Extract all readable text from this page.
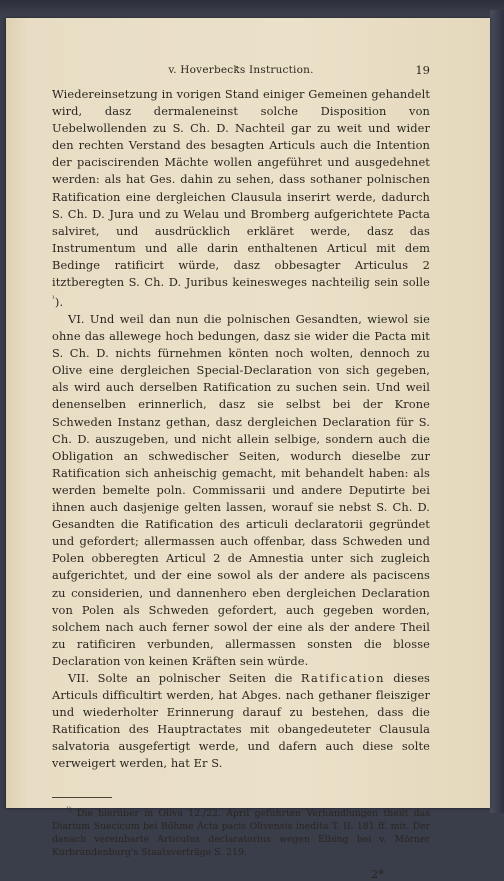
v. Hoverbecks Instruction.	19

Wiedereinsetzung in vorigen Stand einiger Gemeinen gehandelt wird, dasz dermaleneinst solche Disposition von Uebelwollenden zu S. Ch. D. Nachteil gar zu weit und wider den rechten Verstand des besagten Articuls auch die Intention der paciscirenden Mächte wollen angeführet und ausgedehnet werden: als hat Ges. dahin zu sehen, dass sothaner polnischen Ratification eine dergleichen Clausula inserirt werde, dadurch S. Ch. D. Jura und zu Welau und Bromberg aufgerichtete Pacta salviret, und ausdrücklich erkläret werde, dasz das Instrumentum und alle darin enthaltenen Articul mit dem Bedinge ratificirt würde, dasz obbesagter Articulus 2 itztberegten S. Ch. D. Juribus keinesweges nachteilig sein solle $^{^1}$).

VI. Und weil dan nun die polnischen Gesandten, wiewol sie ohne das allewege hoch bedungen, dasz sie wider die Pacta mit S. Ch. D. nichts fürnehmen könten noch wolten, dennoch zu Olive eine dergleichen Special-Declaration von sich gegeben, als wird auch derselben Ratification zu suchen sein. Und weil denenselben erinnerlich, dasz sie selbst bei der Krone Schweden Instanz gethan, dasz dergleichen Declaration für S. Ch. D. auszugeben, und nicht allein selbige, sondern auch die Obligation an schwedischer Seiten, wodurch dieselbe zur Ratification sich anheischig gemacht, mit behandelt haben: als werden bemelte poln. Commissarii und andere Deputirte bei ihnen auch dasjenige gelten lassen, worauf sie nebst S. Ch. D. Gesandten die Ratification des articuli declaratorii gegründet und gefordert; allermassen auch offenbar, dass Schweden und Polen obberegten Articul 2 de Amnestia unter sich zugleich aufgerichtet, und der eine sowol als der andere als paciscens zu considerien, und dannenhero eben dergleichen Declaration von Polen als Schweden gefordert, auch gegeben worden, solchem nach auch ferner sowol der eine als der andere Theil zu ratificiren verbunden, allermassen sonsten die blosse Declaration von keinen Kräften sein würde.

VII. Solte an polnischer Seiten die Ratification dieses Articuls difficultirt werden, hat Abges. nach gethaner fleisziger und wiederholter Erinnerung darauf zu bestehen, dass die Ratification des Hauptractates mit obangedeuteter Clausula salvatoria ausgefertigt werde, und dafern auch diese solte verweigert werden, hat Er S.

$^{^1)}$ Die hierüber in Oliva 12./22. April geführten Verhandlungen theilt das Diarium Suecicum bei Böhme Acta pacis Olivensis inedita T. II. 181 ff. mit. Der danach vereinbarte Articulus declaratorius wegen Elbing bei v. Mörner Kurbrandenburg's Staatsverträge S. 219.
2*
